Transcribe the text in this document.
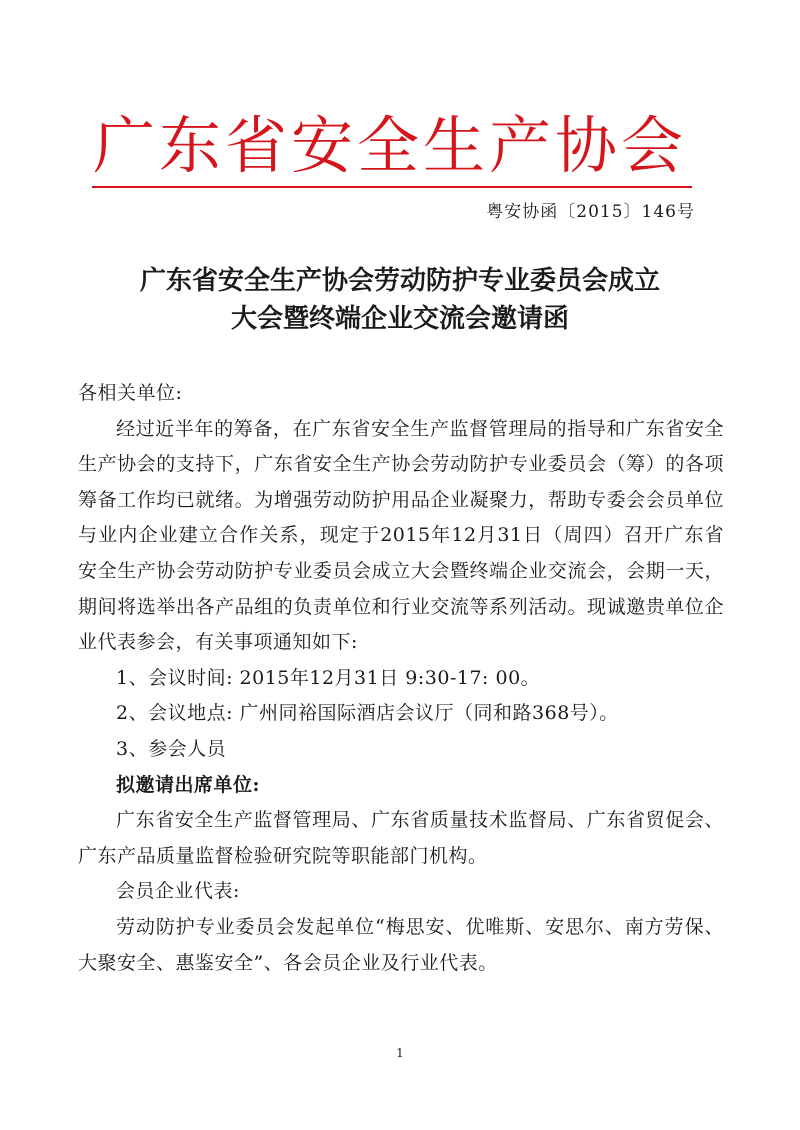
广东省安全生产协会
粤安协函〔2015〕146号
广东省安全生产协会劳动防护专业委员会成立
大会暨终端企业交流会邀请函
各相关单位:

经过近半年的筹备，在广东省安全生产监督管理局的指导和广东省安全生产协会的支持下，广东省安全生产协会劳动防护专业委员会（筹）的各项筹备工作均已就绪。为增强劳动防护用品企业凝聚力，帮助专委会会员单位与业内企业建立合作关系，现定于2015年12月31日（周四）召开广东省安全生产协会劳动防护专业委员会成立大会暨终端企业交流会，会期一天，期间将选举出各产品组的负责单位和行业交流等系列活动。现诚邀贵单位企业代表参会，有关事项通知如下:

1、会议时间: 2015年12月31日 9:30-17: 00。

2、会议地点: 广州同裕国际酒店会议厅（同和路368号）。

3、参会人员

拟邀请出席单位:

广东省安全生产监督管理局、广东省质量技术监督局、广东省贸促会、广东产品质量监督检验研究院等职能部门机构。

会员企业代表:

劳动防护专业委员会发起单位“梅思安、优唯斯、安思尔、南方劳保、大聚安全、惠鉴安全”、各会员企业及行业代表。

1
